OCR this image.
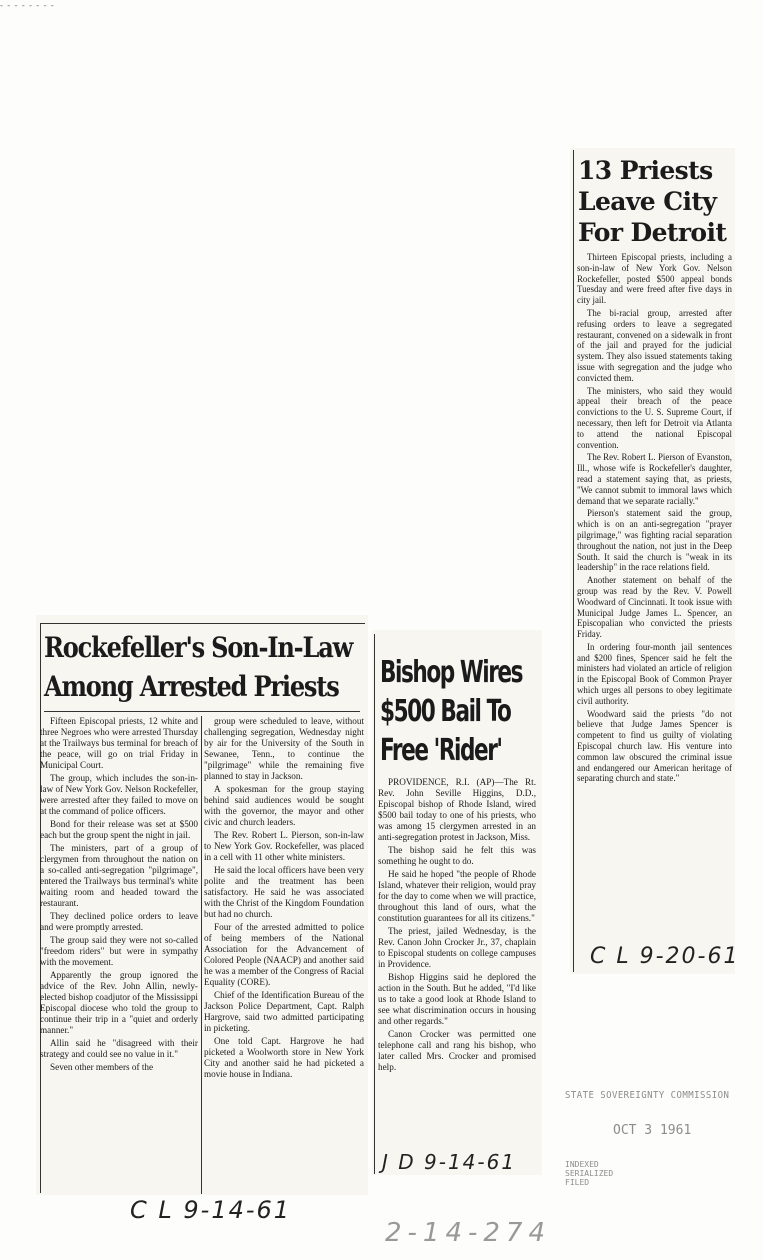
- - - - - - - -
Rockefeller's Son-In-Law
Among Arrested Priests

Fifteen Episcopal priests, 12 white and three Negroes who were arrested Thursday at the Trailways bus terminal for breach of the peace, will go on trial Friday in Municipal Court.

The group, which includes the son-in-law of New York Gov. Nelson Rockefeller, were arrested after they failed to move on at the command of police officers.

Bond for their release was set at $500 each but the group spent the night in jail.

The ministers, part of a group of clergymen from throughout the nation on a so-called anti-segregation "pilgrimage", entered the Trailways bus terminal's white waiting room and headed toward the restaurant.

They declined police orders to leave and were promptly arrested.

The group said they were not so-called "freedom riders" but were in sympathy with the movement.

Apparently the group ignored the advice of the Rev. John Allin, newly-elected bishop coadjutor of the Mississippi Episcopal diocese who told the group to continue their trip in a "quiet and orderly manner."

Allin said he "disagreed with their strategy and could see no value in it."

Seven other members of the

group were scheduled to leave, without challenging segregation, Wednesday night by air for the University of the South in Sewanee, Tenn., to continue the "pilgrimage" while the remaining five planned to stay in Jackson.

A spokesman for the group staying behind said audiences would be sought with the governor, the mayor and other civic and church leaders.

The Rev. Robert L. Pierson, son-in-law to New York Gov. Rockefeller, was placed in a cell with 11 other white ministers.

He said the local officers have been very polite and the treatment has been satisfactory. He said he was associated with the Christ of the Kingdom Foundation but had no church.

Four of the arrested admitted to police of being members of the National Association for the Advancement of Colored People (NAACP) and another said he was a member of the Congress of Racial Equality (CORE).

Chief of the Identification Bureau of the Jackson Police Department, Capt. Ralph Hargrove, said two admitted participating in picketing.

One told Capt. Hargrove he had picketed a Woolworth store in New York City and another said he had picketed a movie house in Indiana.

C L 9-14-61
Bishop Wires
$500 Bail To
Free 'Rider'

PROVIDENCE, R.I. (AP)—The Rt. Rev. John Seville Higgins, D.D., Episcopal bishop of Rhode Island, wired $500 bail today to one of his priests, who was among 15 clergymen arrested in an anti-segregation protest in Jackson, Miss.

The bishop said he felt this was something he ought to do.

He said he hoped "the people of Rhode Island, whatever their religion, would pray for the day to come when we will practice, throughout this land of ours, what the constitution guarantees for all its citizens."

The priest, jailed Wednesday, is the Rev. Canon John Crocker Jr., 37, chaplain to Episcopal students on college campuses in Providence.

Bishop Higgins said he deplored the action in the South. But he added, "I'd like us to take a good look at Rhode Island to see what discrimination occurs in housing and other regards."

Canon Crocker was permitted one telephone call and rang his bishop, who later called Mrs. Crocker and promised help.

J D 9-14-61
13 Priests
Leave City
For Detroit

Thirteen Episcopal priests, including a son-in-law of New York Gov. Nelson Rockefeller, posted $500 appeal bonds Tuesday and were freed after five days in city jail.

The bi-racial group, arrested after refusing orders to leave a segregated restaurant, convened on a sidewalk in front of the jail and prayed for the judicial system. They also issued statements taking issue with segregation and the judge who convicted them.

The ministers, who said they would appeal their breach of the peace convictions to the U. S. Supreme Court, if necessary, then left for Detroit via Atlanta to attend the national Episcopal convention.

The Rev. Robert L. Pierson of Evanston, Ill., whose wife is Rockefeller's daughter, read a statement saying that, as priests, "We cannot submit to immoral laws which demand that we separate racially."

Pierson's statement said the group, which is on an anti-segregation "prayer pilgrimage," was fighting racial separation throughout the nation, not just in the Deep South. It said the church is "weak in its leadership" in the race relations field.

Another statement on behalf of the group was read by the Rev. V. Powell Woodward of Cincinnati. It took issue with Municipal Judge James L. Spencer, an Episcopalian who convicted the priests Friday.

In ordering four-month jail sentences and $200 fines, Spencer said he felt the ministers had violated an article of religion in the Episcopal Book of Common Prayer which urges all persons to obey legitimate civil authority.

Woodward said the priests "do not believe that Judge James Spencer is competent to find us guilty of violating Episcopal church law. His venture into common law obscured the criminal issue and endangered our American heritage of separating church and state."

C L 9-20-61
STATE SOVEREIGNTY COMMISSION
OCT 3 1961
INDEXED
SERIALIZED
FILED
2-14-274
